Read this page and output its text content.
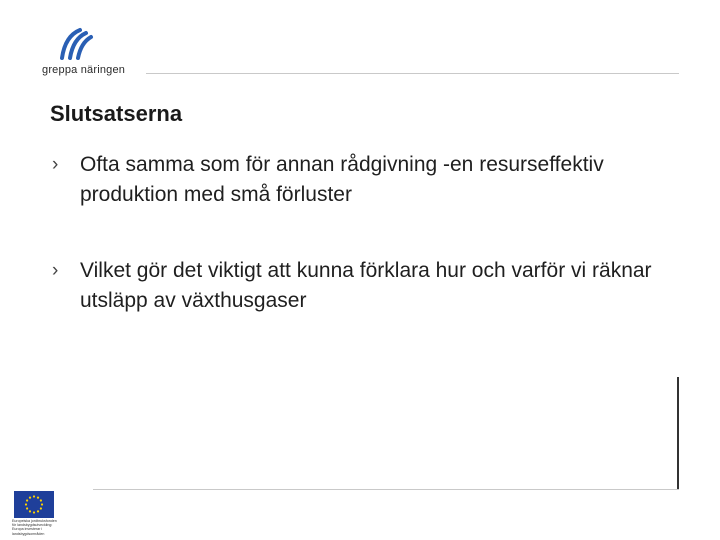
greppa näringen
Slutsatserna
› Ofta samma som för annan rådgivning -en resurseffektiv produktion med små förluster
› Vilket gör det viktigt att kunna förklara hur och varför vi räknar utsläpp av växthusgaser
Europeiska jordbruksfonden för landsbygdsutveckling: Europa investerar i landsbygdsområden
